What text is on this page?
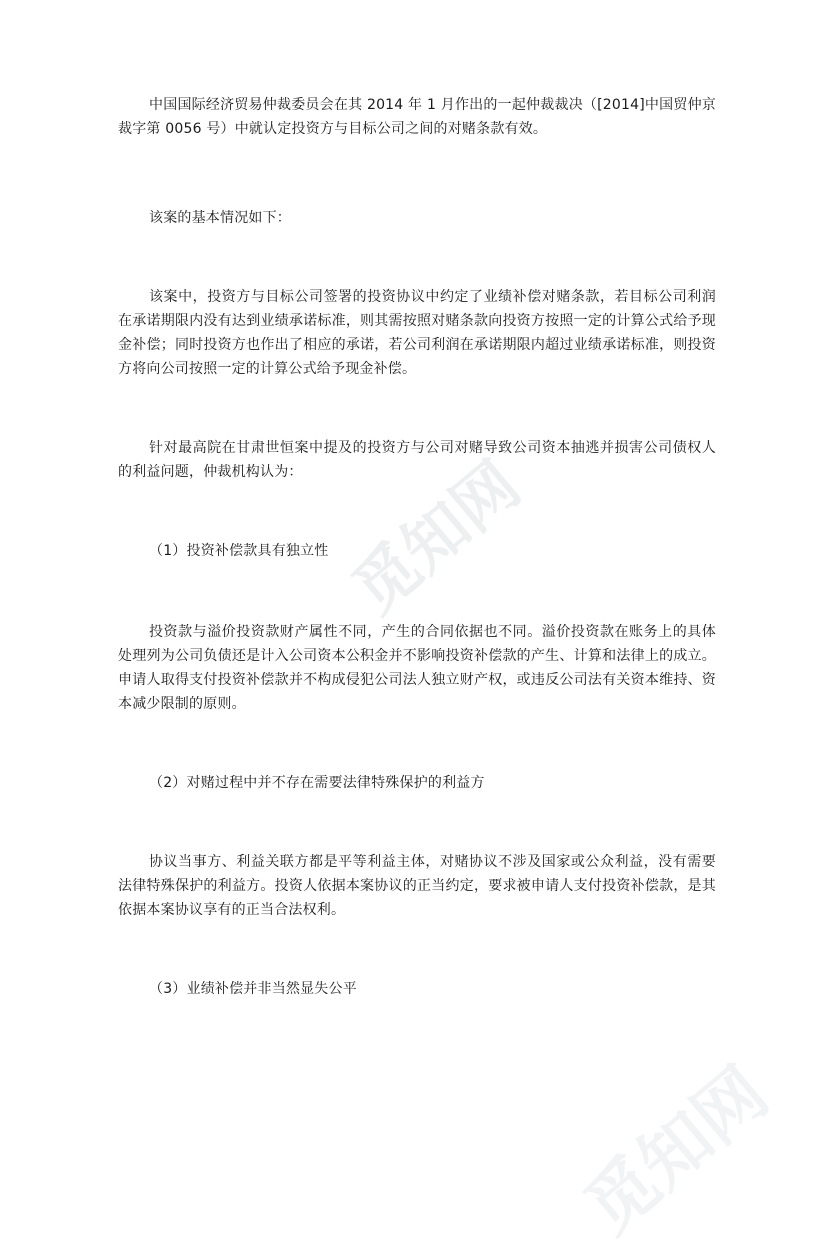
觅知网
觅知网

中国国际经济贸易仲裁委员会在其 2014 年 1 月作出的一起仲裁裁决（[2014]中国贸仲京裁字第 0056 号）中就认定投资方与目标公司之间的对赌条款有效。

该案的基本情况如下：

该案中，投资方与目标公司签署的投资协议中约定了业绩补偿对赌条款，若目标公司利润在承诺期限内没有达到业绩承诺标准，则其需按照对赌条款向投资方按照一定的计算公式给予现金补偿；同时投资方也作出了相应的承诺，若公司利润在承诺期限内超过业绩承诺标准，则投资方将向公司按照一定的计算公式给予现金补偿。

针对最高院在甘肃世恒案中提及的投资方与公司对赌导致公司资本抽逃并损害公司债权人的利益问题，仲裁机构认为：

（1）投资补偿款具有独立性

投资款与溢价投资款财产属性不同，产生的合同依据也不同。溢价投资款在账务上的具体处理列为公司负债还是计入公司资本公积金并不影响投资补偿款的产生、计算和法律上的成立。申请人取得支付投资补偿款并不构成侵犯公司法人独立财产权，或违反公司法有关资本维持、资本减少限制的原则。

（2）对赌过程中并不存在需要法律特殊保护的利益方

协议当事方、利益关联方都是平等利益主体，对赌协议不涉及国家或公众利益，没有需要法律特殊保护的利益方。投资人依据本案协议的正当约定，要求被申请人支付投资补偿款，是其依据本案协议享有的正当合法权利。

（3）业绩补偿并非当然显失公平
